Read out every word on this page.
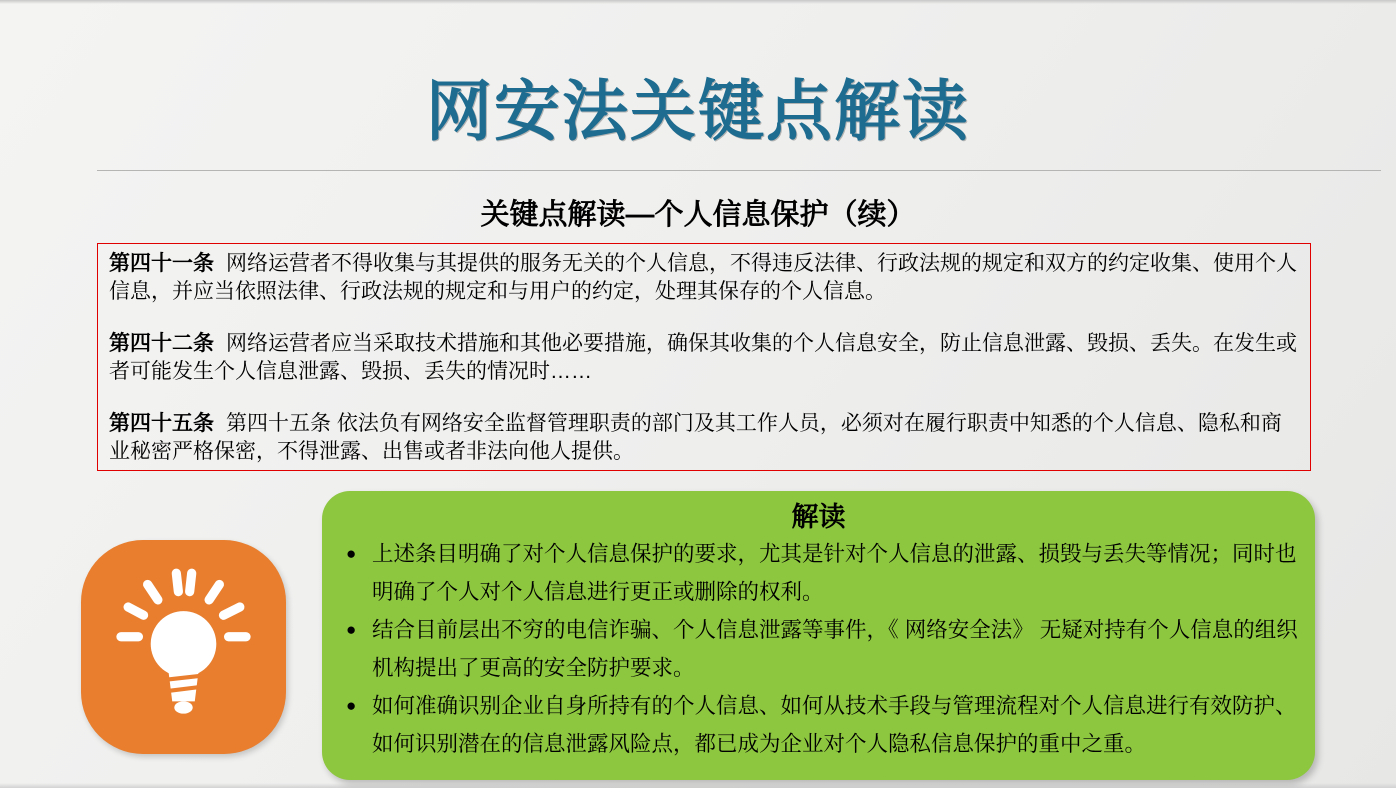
网安法关键点解读
关键点解读—个人信息保护（续）

第四十一条 网络运营者不得收集与其提供的服务无关的个人信息，不得违反法律、行政法规的规定和双方的约定收集、使用个人信息，并应当依照法律、行政法规的规定和与用户的约定，处理其保存的个人信息。

第四十二条 网络运营者应当采取技术措施和其他必要措施，确保其收集的个人信息安全，防止信息泄露、毁损、丢失。在发生或者可能发生个人信息泄露、毁损、丢失的情况时……

第四十五条 第四十五条 依法负有网络安全监督管理职责的部门及其工作人员，必须对在履行职责中知悉的个人信息、隐私和商业秘密严格保密，不得泄露、出售或者非法向他人提供。

解读
● 上述条目明确了对个人信息保护的要求，尤其是针对个人信息的泄露、损毁与丢失等情况；同时也明确了个人对个人信息进行更正或删除的权利。
● 结合目前层出不穷的电信诈骗、个人信息泄露等事件，《 网络安全法》 无疑对持有个人信息的组织机构提出了更高的安全防护要求。
● 如何准确识别企业自身所持有的个人信息、如何从技术手段与管理流程对个人信息进行有效防护、如何识别潜在的信息泄露风险点，都已成为企业对个人隐私信息保护的重中之重。
